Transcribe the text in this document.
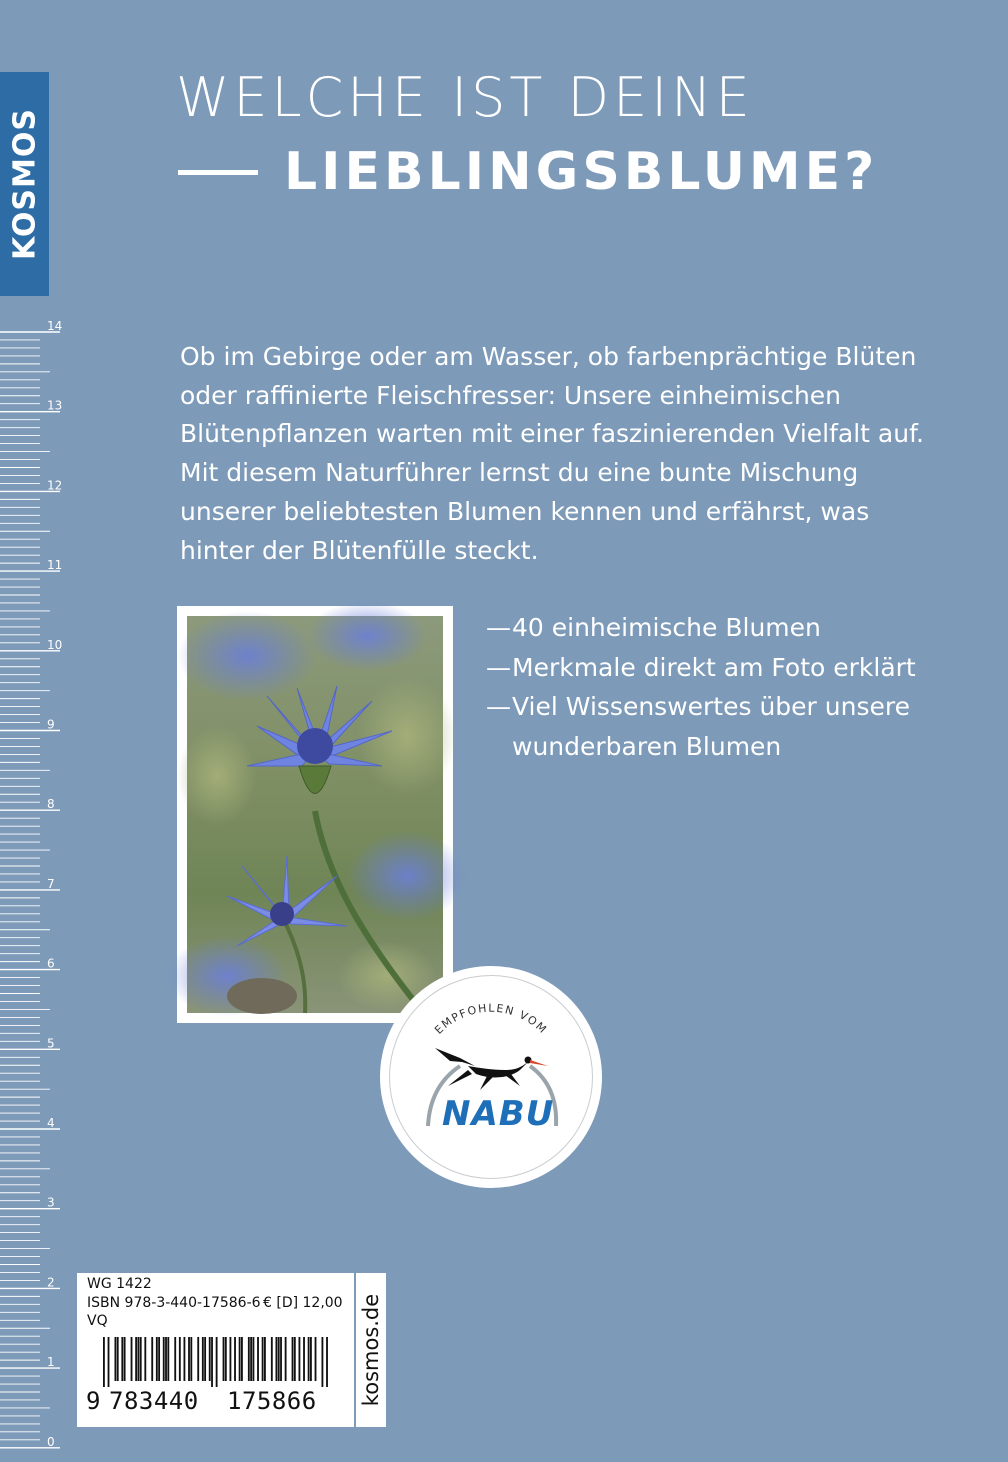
KOSMOS
14
13
12
11
10
9
8
7
6
5
4
3
2
1
0
WELCHE IST DEINE
LIEBLINGSBLUME?

Ob im Gebirge oder am Wasser, ob farbenprächtige Blüten oder raffinierte Fleischfresser: Unsere einheimischen Blütenpflanzen warten mit einer faszinierenden Vielfalt auf. Mit diesem Naturführer lernst du eine bunte Mischung unserer beliebtesten Blumen kennen und erfährst, was hinter der Blütenfülle steckt.

— 40 einheimische Blumen
— Merkmale direkt am Foto erklärt
— Viel Wissenswertes über unsere wunderbaren Blumen
EMPFOHLEN VOM
NABU
WG 1422
ISBN 978-3-440-17586-6 € [D] 12,00
VQ
9 783440 175866 kosmos.de
